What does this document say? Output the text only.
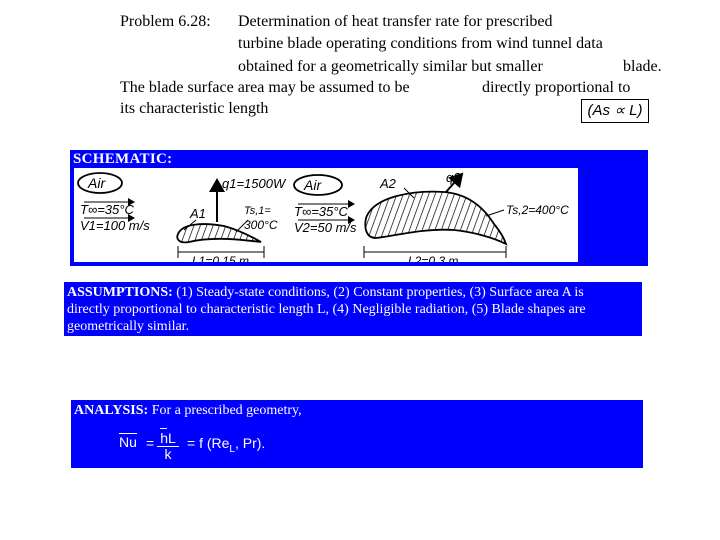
Problem 6.28: Determination of heat transfer rate for prescribed
turbine blade operating conditions from wind tunnel data
obtained for a geometrically similar but smaller	blade.
The blade surface area may be assumed to be	directly proportional to
its characteristic length	(As ∝ L)
SCHEMATIC:
Air
T∞=35°C
V1=100 m/s
q1=1500W
A1	Ts,1=
300°C
L1=0.15 m
Air
T∞=35°C
V2=50 m/s
q2
A2
Ts,2=400°C
L2=0.3 m
ASSUMPTIONS: (1) Steady-state conditions, (2) Constant properties, (3) Surface area A is
directly proportional to characteristic length L, (4) Negligible radiation, (5) Blade shapes are
geometrically similar.
ANALYSIS: For a prescribed geometry,
$Nu = \frac{hL}{k} = f$ ($Re_L$, Pr).
